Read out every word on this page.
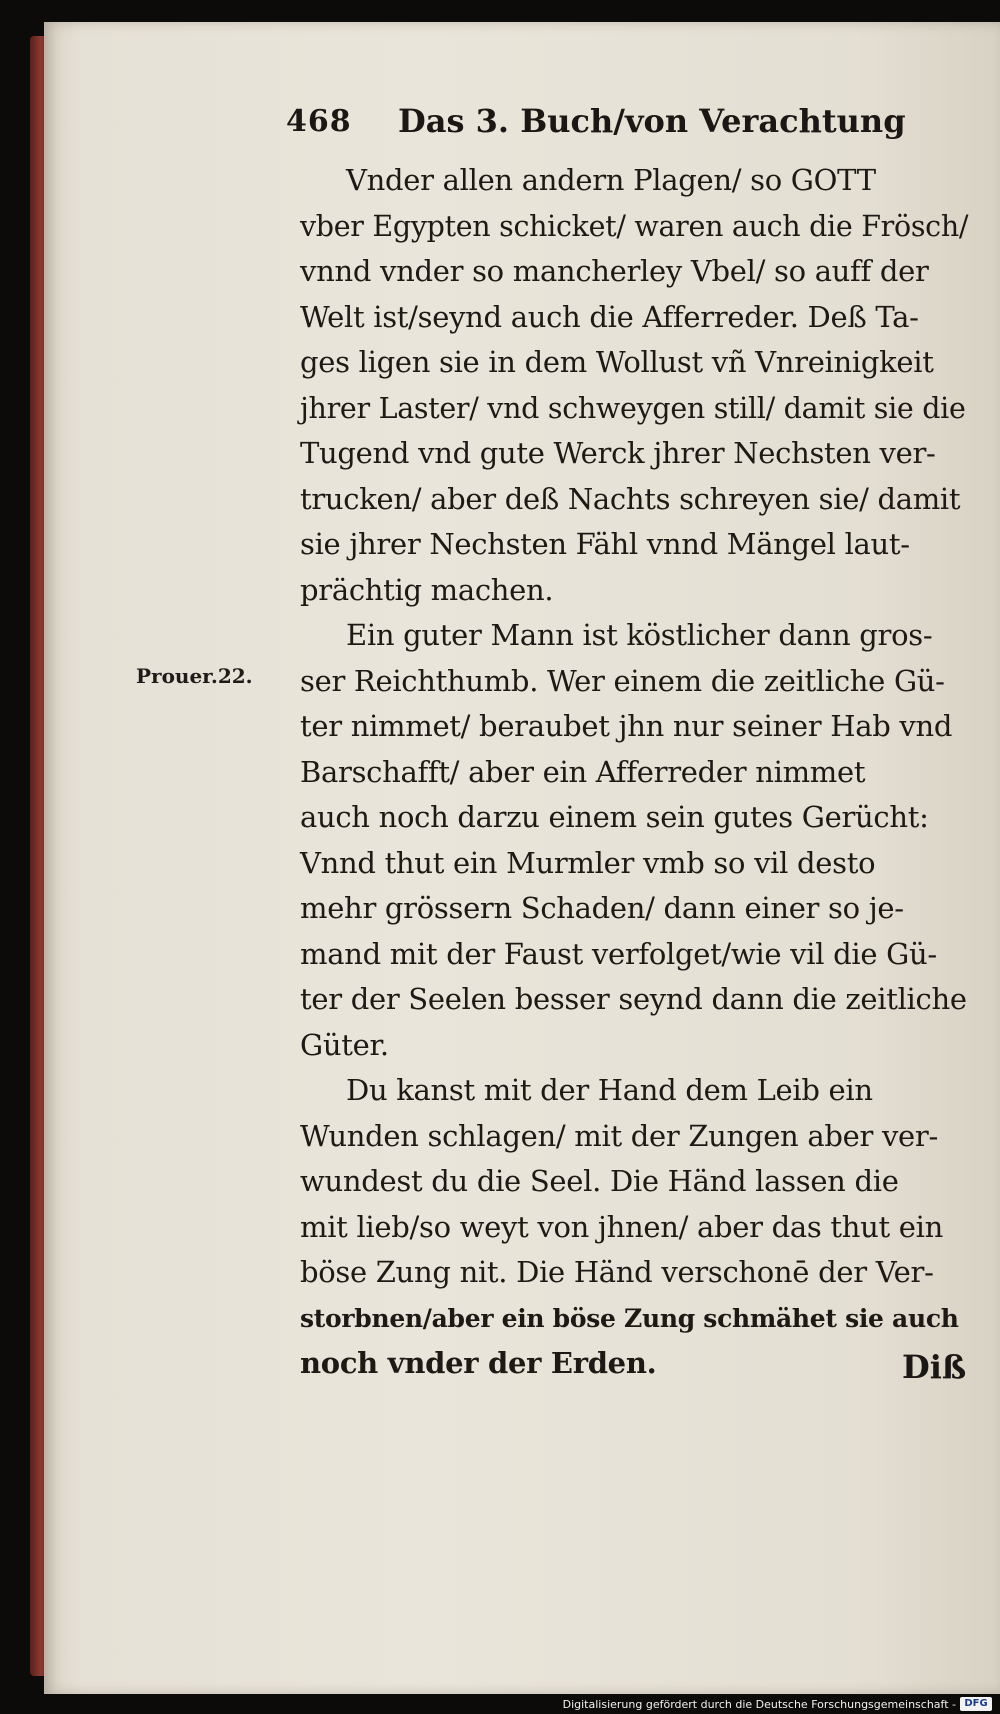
468 Das 3. Buch/von Verachtung
Prouer.22.
Vnder allen andern Plagen/ so GOTT
vber Egypten schicket/ waren auch die Frösch/
vnnd vnder so mancherley Vbel/ so auff der
Welt ist/seynd auch die Afferreder. Deß Ta-
ges ligen sie in dem Wollust vñ Vnreinigkeit
jhrer Laster/ vnd schweygen still/ damit sie die
Tugend vnd gute Werck jhrer Nechsten ver-
trucken/ aber deß Nachts schreyen sie/ damit
sie jhrer Nechsten Fähl vnnd Mängel laut-
prächtig machen.
Ein guter Mann ist köstlicher dann gros-
ser Reichthumb. Wer einem die zeitliche Gü-
ter nimmet/ beraubet jhn nur seiner Hab vnd
Barschafft/ aber ein Afferreder nimmet
auch noch darzu einem sein gutes Gerücht:
Vnnd thut ein Murmler vmb so vil desto
mehr grössern Schaden/ dann einer so je-
mand mit der Faust verfolget/wie vil die Gü-
ter der Seelen besser seynd dann die zeitliche
Güter.
Du kanst mit der Hand dem Leib ein
Wunden schlagen/ mit der Zungen aber ver-
wundest du die Seel. Die Händ lassen die
mit lieb/so weyt von jhnen/ aber das thut ein
böse Zung nit. Die Händ verschonē der Ver-
storbnen/aber ein böse Zung schmähet sie auch
noch vnder der Erden.	Diß
Digitalisierung gefördert durch die Deutsche Forschungsgemeinschaft - DFG
